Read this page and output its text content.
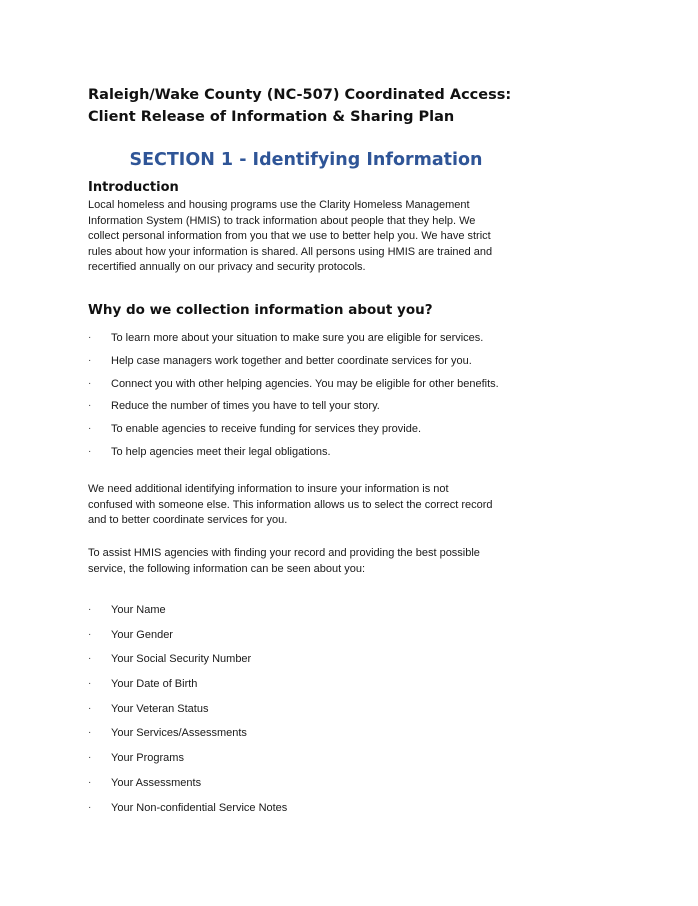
Raleigh/Wake County (NC-507) Coordinated Access:
Client Release of Information & Sharing Plan
SECTION 1 - Identifying Information
Introduction

Local homeless and housing programs use the Clarity Homeless Management
Information System (HMIS) to track information about people that they help. We
collect personal information from you that we use to better help you. We have strict
rules about how your information is shared. All persons using HMIS are trained and
recertified annually on our privacy and security protocols.

Why do we collection information about you?
·	To learn more about your situation to make sure you are eligible for services.
·	Help case managers work together and better coordinate services for you.
·	Connect you with other helping agencies. You may be eligible for other benefits.
·	Reduce the number of times you have to tell your story.
·	To enable agencies to receive funding for services they provide.
·	To help agencies meet their legal obligations.

We need additional identifying information to insure your information is not
confused with someone else. This information allows us to select the correct record
and to better coordinate services for you.

To assist HMIS agencies with finding your record and providing the best possible
service, the following information can be seen about you:

·	Your Name
·	Your Gender
·	Your Social Security Number
·	Your Date of Birth
·	Your Veteran Status
·	Your Services/Assessments
·	Your Programs
·	Your Assessments
·	Your Non-confidential Service Notes
